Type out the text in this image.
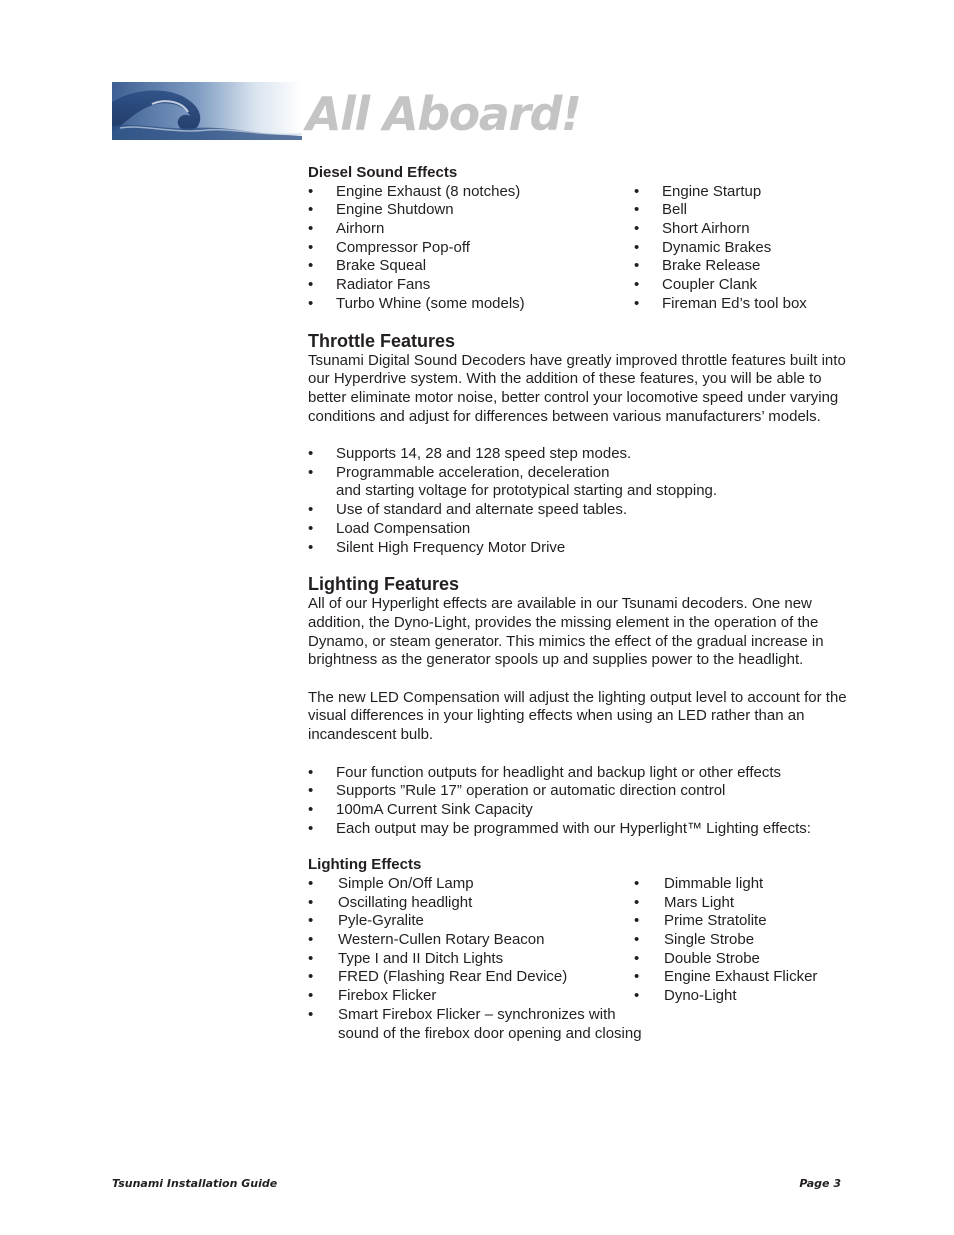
All Aboard!
Diesel Sound Effects
• Engine Exhaust (8 notches)
• Engine Shutdown
• Airhorn
• Compressor Pop-off
• Brake Squeal
• Radiator Fans
• Turbo Whine (some models)
• Engine Startup
• Bell
• Short Airhorn
• Dynamic Brakes
• Brake Release
• Coupler Clank
• Fireman Ed’s tool box
Throttle Features

Tsunami Digital Sound Decoders have greatly improved throttle features built into our Hyperdrive system. With the addition of these features, you will be able to better eliminate motor noise, better control your locomotive speed under varying conditions and adjust for differences between various manufacturers’ models.

• Supports 14, 28 and 128 speed step modes.
• Programmable acceleration, deceleration
and starting voltage for prototypical starting and stopping.
• Use of standard and alternate speed tables.
• Load Compensation
• Silent High Frequency Motor Drive
Lighting Features

All of our Hyperlight effects are available in our Tsunami decoders. One new addition, the Dyno-Light, provides the missing element in the operation of the Dynamo, or steam generator. This mimics the effect of the gradual increase in brightness as the generator spools up and supplies power to the headlight.

The new LED Compensation will adjust the lighting output level to account for the visual differences in your lighting effects when using an LED rather than an incandescent bulb.

• Four function outputs for headlight and backup light or other effects
• Supports ”Rule 17” operation or automatic direction control
• 100mA Current Sink Capacity
• Each output may be programmed with our Hyperlight™ Lighting effects:
Lighting Effects
• Simple On/Off Lamp
• Oscillating headlight
• Pyle-Gyralite
• Western-Cullen Rotary Beacon
• Type I and II Ditch Lights
• FRED (Flashing Rear End Device)
• Firebox Flicker
• Smart Firebox Flicker – synchronizes with
sound of the firebox door opening and closing
• Dimmable light
• Mars Light
• Prime Stratolite
• Single Strobe
• Double Strobe
• Engine Exhaust Flicker
• Dyno-Light
Tsunami Installation Guide	Page 3
